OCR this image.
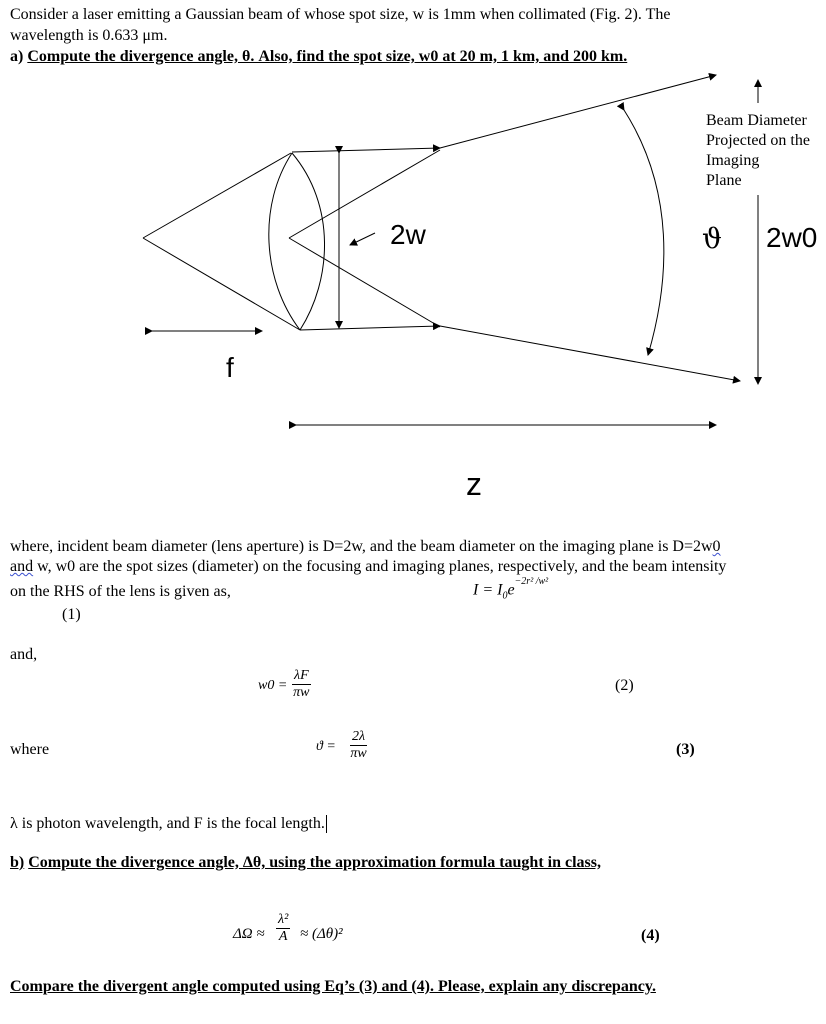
Consider a laser emitting a Gaussian beam of whose spot size, w is 1mm when collimated (Fig. 2). The
wavelength is 0.633 μm.
a) Compute the divergence angle, θ. Also, find the spot size, w0 at 20 m, 1 km, and 200 km.
2w	ϑ 2w0
f
z
Beam Diameter
Projected on the
Imaging
Plane
where, incident beam diameter (lens aperture) is D=2w, and the beam diameter on the imaging plane is D=2w0
and w, w0 are the spot sizes (diameter) on the focusing and imaging planes, respectively, and the beam intensity
on the RHS of the lens is given as,	$I = I_0e^{-2r^2 /w^2}$
(1)
and,
$w0 = \frac{\lambda F}{\pi w}$	(2)
where	$ϑ = \frac{2\lambda}{\pi w}$	(3)
λ is photon wavelength, and F is the focal length.
b) Compute the divergence angle, Δθ, using the approximation formula taught in class,
$\Delta\Omega \approx \frac{\text{λ²}}{A} \approx (\Delta\theta)^2$	(4)
Compare the divergent angle computed using Eq’s (3) and (4). Please, explain any discrepancy.
